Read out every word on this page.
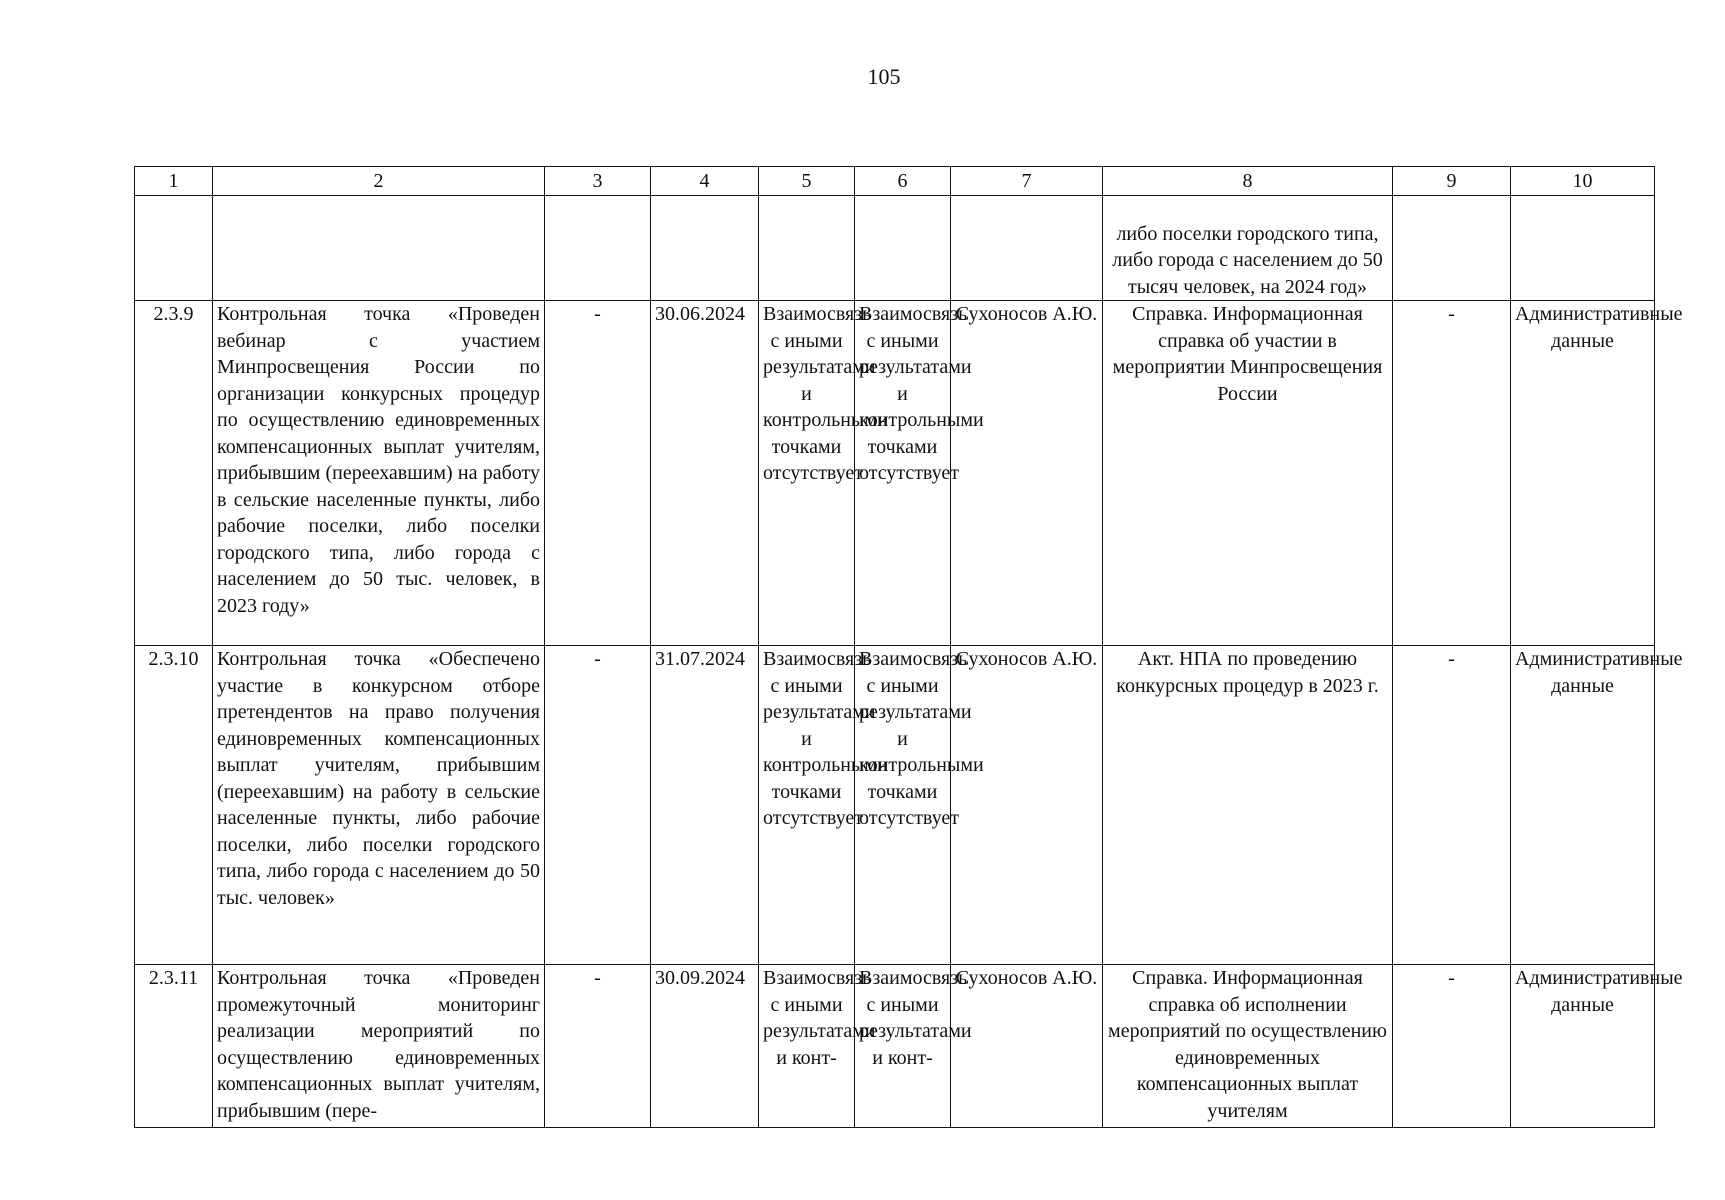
105
1	2	3	4	5	6	7	8	9	10
							либо поселки городского типа, либо города с населением до 50 тысяч человек, на 2024 год»		
2.3.9	Контрольная точка «Проведен вебинар с участием Минпросвещения России по организации конкурсных процедур по осуществлению единовременных компенсационных выплат учителям, прибывшим (переехавшим) на работу в сельские населенные пункты, либо рабочие поселки, либо поселки городского типа, либо города с населением до 50 тыс. человек, в 2023 году»	-	30.06.2024	Взаимосвязь с иными результатами и контрольными точками отсутствует	Взаимосвязь с иными результатами и контрольными точками отсутствует	Сухоносов А.Ю.	Справка. Информационная справка об участии в мероприятии Минпросвещения России	-	Административные данные
2.3.10	Контрольная точка «Обеспечено участие в конкурсном отборе претендентов на право получения единовременных компенсационных выплат учителям, прибывшим (переехавшим) на работу в сельские населенные пункты, либо рабочие поселки, либо поселки городского типа, либо города с населением до 50 тыс. человек»	-	31.07.2024	Взаимосвязь с иными результатами и контрольными точками отсутствует	Взаимосвязь с иными результатами и контрольными точками отсутствует	Сухоносов А.Ю.	Акт. НПА по проведению конкурсных процедур в 2023 г.	-	Административные данные
2.3.11	Контрольная точка «Проведен промежуточный мониторинг реализации мероприятий по осуществлению единовременных компенсационных выплат учителям, прибывшим (пере-	-	30.09.2024	Взаимосвязь с иными результатами и конт-	Взаимосвязь с иными результатами и конт-	Сухоносов А.Ю.	Справка. Информационная справка об исполнении мероприятий по осуществлению единовременных компенсационных выплат учителям	-	Административные данные
